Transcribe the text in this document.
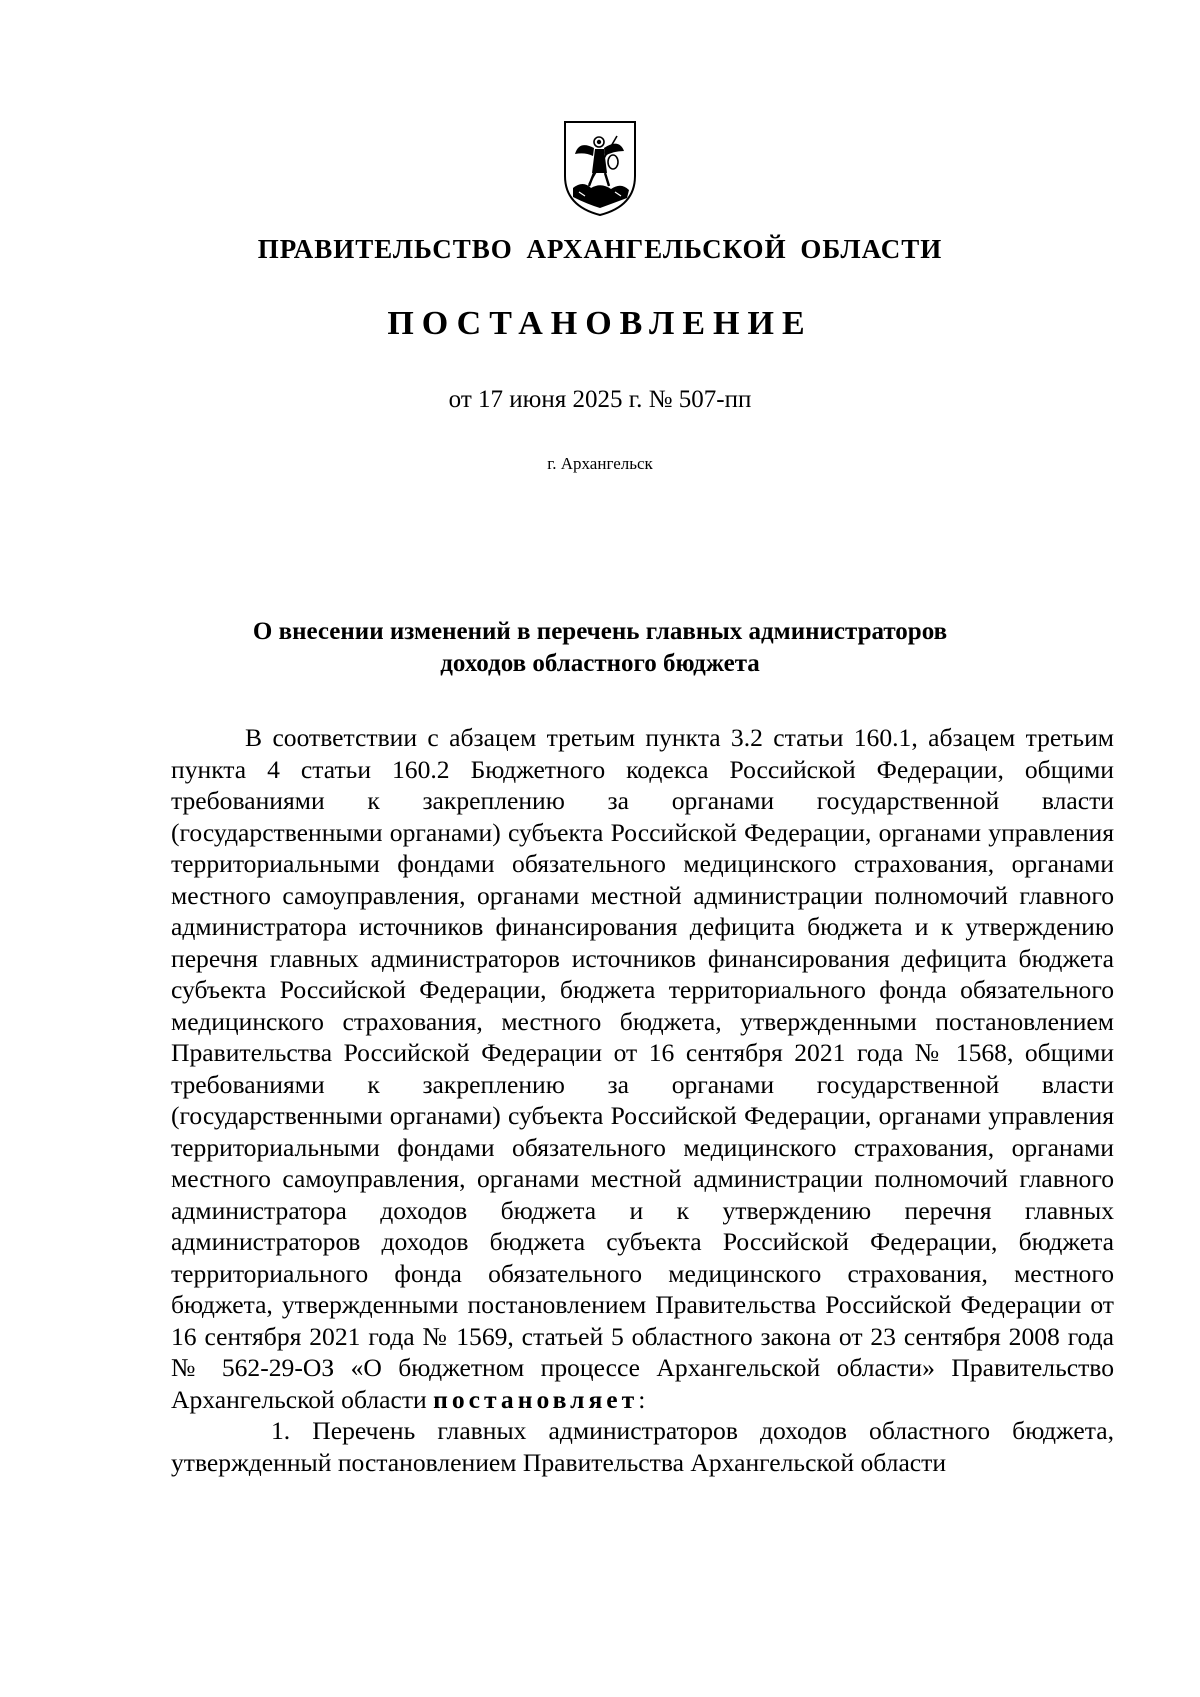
ПРАВИТЕЛЬСТВО АРХАНГЕЛЬСКОЙ ОБЛАСТИ
ПОСТАНОВЛЕНИЕ
от 17 июня 2025 г. № 507-пп
г. Архангельск
О внесении изменений в перечень главных администраторов
доходов областного бюджета

В соответствии с абзацем третьим пункта 3.2 статьи 160.1, абзацем третьим пункта 4 статьи 160.2 Бюджетного кодекса Российской Федерации, общими требованиями к закреплению за органами государственной власти (государственными органами) субъекта Российской Федерации, органами управления территориальными фондами обязательного медицинского страхования, органами местного самоуправления, органами местной администрации полномочий главного администратора источников финансирования дефицита бюджета и к утверждению перечня главных администраторов источников финансирования дефицита бюджета субъекта Российской Федерации, бюджета территориального фонда обязательного медицинского страхования, местного бюджета, утвержденными постановлением Правительства Российской Федерации от 16 сентября 2021 года № 1568, общими требованиями к закреплению за органами государственной власти (государственными органами) субъекта Российской Федерации, органами управления территориальными фондами обязательного медицинского страхования, органами местного самоуправления, органами местной администрации полномочий главного администратора доходов бюджета и к утверждению перечня главных администраторов доходов бюджета субъекта Российской Федерации, бюджета территориального фонда обязательного медицинского страхования, местного бюджета, утвержденными постановлением Правительства Российской Федерации от 16 сентября 2021 года № 1569, статьей 5 областного закона от 23 сентября 2008 года № 562-29-ОЗ «О бюджетном процессе Архангельской области» Правительство Архангельской области постановляет:

1. Перечень главных администраторов доходов областного бюджета, утвержденный постановлением Правительства Архангельской области
